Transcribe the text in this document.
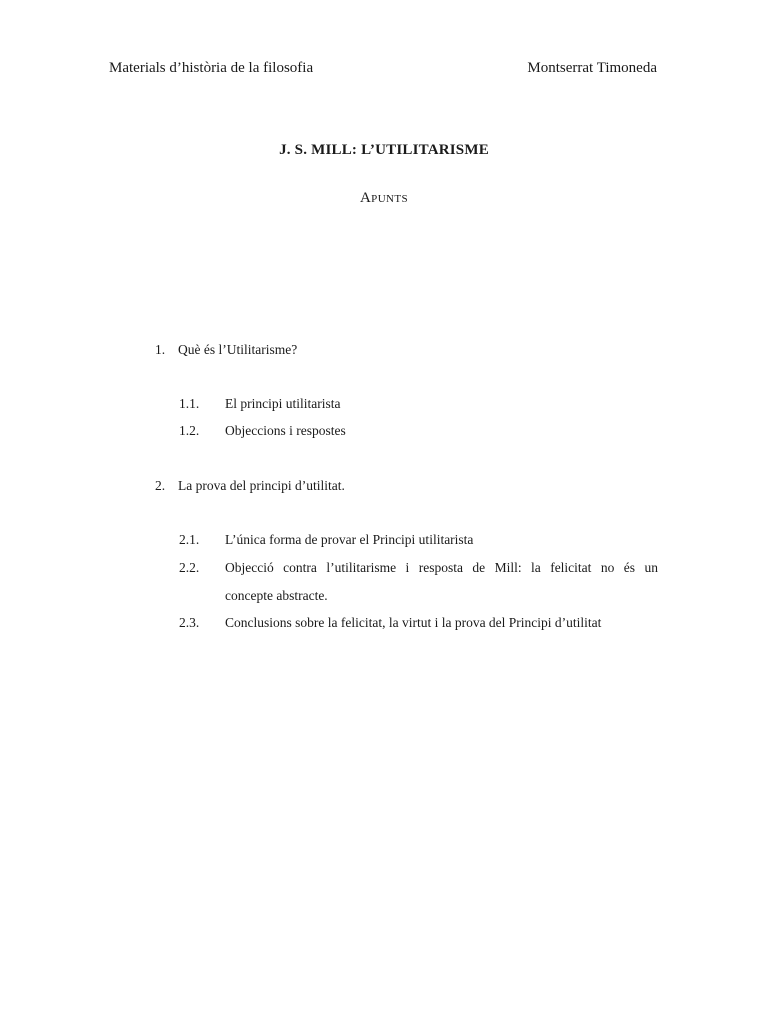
Materials d’història de la filosofia	Montserrat Timoneda
J. S. MILL: L’UTILITARISME
Apunts
1. Què és l’Utilitarisme?
1.1.	El principi utilitarista
1.2.	Objeccions i respostes
2. La prova del principi d’utilitat.
2.1.	L’única forma de provar el Principi utilitarista
2.2.	Objecció contra l’utilitarisme i resposta de Mill: la felicitat no és un
concepte abstracte.
2.3.	Conclusions sobre la felicitat, la virtut i la prova del Principi d’utilitat
